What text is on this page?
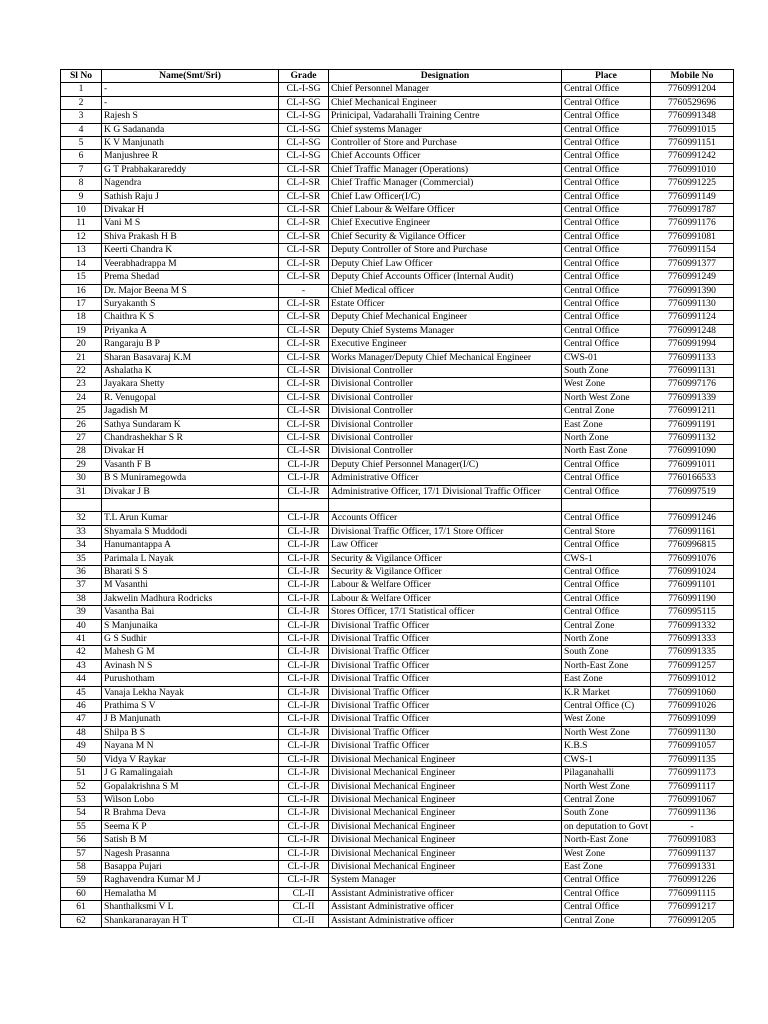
Sl No	Name(Smt/Sri)	Grade	Designation	Place	Mobile No
1	-	CL-I-SG	Chief Personnel Manager	Central Office	7760991204
2	-	CL-I-SG	Chief Mechanical Engineer	Central Office	7760529696
3	Rajesh S	CL-I-SG	Prinicipal, Vadarahalli Training Centre	Central Office	7760991348
4	K G Sadananda	CL-I-SG	Chief systems Manager	Central Office	7760991015
5	K V Manjunath	CL-I-SG	Controller of Store and Purchase	Central Office	7760991151
6	Manjushree R	CL-I-SG	Chief Accounts Officer	Central Office	7760991242
7	G T Prabhakarareddy	CL-I-SR	Chief Traffic Manager (Operations)	Central Office	7760991010
8	Nagendra	CL-I-SR	Chief Traffic Manager (Commercial)	Central Office	7760991225
9	Sathish Raju J	CL-I-SR	Chief Law Officer(I/C)	Central Office	7760991149
10	Divakar H	CL-I-SR	Chief Labour & Welfare Officer	Central Office	7760991787
11	Vani M S	CL-I-SR	Chief Executive Engineer	Central Office	7760991176
12	Shiva Prakash H B	CL-I-SR	Chief Security & Vigilance Officer	Central Office	7760991081
13	Keerti Chandra K	CL-I-SR	Deputy Controller of Store and Purchase	Central Office	7760991154
14	Veerabhadrappa M	CL-I-SR	Deputy Chief Law Officer	Central Office	7760991377
15	Prema Shedad	CL-I-SR	Deputy Chief Accounts Officer (Internal Audit)	Central Office	7760991249
16	Dr. Major Beena M S	-	Chief Medical officer	Central Office	7760991390
17	Suryakanth S	CL-I-SR	Estate Officer	Central Office	7760991130
18	Chaithra K S	CL-I-SR	Deputy Chief Mechanical Engineer	Central Office	7760991124
19	Priyanka A	CL-I-SR	Deputy Chief Systems Manager	Central Office	7760991248
20	Rangaraju B P	CL-I-SR	Executive Engineer	Central Office	7760991994
21	Sharan Basavaraj K.M	CL-I-SR	Works Manager/Deputy Chief Mechanical Engineer	CWS-01	7760991133
22	Ashalatha K	CL-I-SR	Divisional Controller	South Zone	7760991131
23	Jayakara Shetty	CL-I-SR	Divisional Controller	West Zone	7760997176
24	R. Venugopal	CL-I-SR	Divisional Controller	North West Zone	7760991339
25	Jagadish M	CL-I-SR	Divisional Controller	Central Zone	7760991211
26	Sathya Sundaram K	CL-I-SR	Divisional Controller	East Zone	7760991191
27	Chandrashekhar S R	CL-I-SR	Divisional Controller	North Zone	7760991132
28	Divakar H	CL-I-SR	Divisional Controller	North East Zone	7760991090
29	Vasanth F B	CL-I-JR	Deputy Chief Personnel Manager(I/C)	Central Office	7760991011
30	B S Muniramegowda	CL-I-JR	Administrative Officer	Central Office	7760166533
31	Divakar J B	CL-I-JR	Administrative Officer, 17/1 Divisional Traffic Officer	Central Office	7760997519

32	T.L Arun Kumar	CL-I-JR	Accounts Officer	Central Office	7760991246
33	Shyamala S Muddodi	CL-I-JR	Divisional Traffic Officer, 17/1 Store Officer	Central Store	7760991161
34	Hanumantappa A	CL-I-JR	Law Officer	Central Office	7760996815
35	Parimala L Nayak	CL-I-JR	Security & Vigilance Officer	CWS-1	7760991076
36	Bharati S S	CL-I-JR	Security & Vigilance Officer	Central Office	7760991024
37	M Vasanthi	CL-I-JR	Labour & Welfare Officer	Central Office	7760991101
38	Jakwelin Madhura Rodricks	CL-I-JR	Labour & Welfare Officer	Central Office	7760991190
39	Vasantha Bai	CL-I-JR	Stores Officer, 17/1 Statistical officer	Central Office	7760995115
40	S Manjunaika	CL-I-JR	Divisional Traffic Officer	Central Zone	7760991332
41	G S Sudhir	CL-I-JR	Divisional Traffic Officer	North Zone	7760991333
42	Mahesh G M	CL-I-JR	Divisional Traffic Officer	South Zone	7760991335
43	Avinash N S	CL-I-JR	Divisional Traffic Officer	North-East Zone	7760991257
44	Purushotham	CL-I-JR	Divisional Traffic Officer	East Zone	7760991012
45	Vanaja Lekha Nayak	CL-I-JR	Divisional Traffic Officer	K.R Market	7760991060
46	Prathima S V	CL-I-JR	Divisional Traffic Officer	Central Office (C)	7760991026
47	J B Manjunath	CL-I-JR	Divisional Traffic Officer	West Zone	7760991099
48	Shilpa B S	CL-I-JR	Divisional Traffic Officer	North West Zone	7760991130
49	Nayana M N	CL-I-JR	Divisional Traffic Officer	K.B.S	7760991057
50	Vidya V Raykar	CL-I-JR	Divisional Mechanical Engineer	CWS-1	7760991135
51	J G Ramalingaiah	CL-I-JR	Divisional Mechanical Engineer	Pilaganahalli	7760991173
52	Gopalakrishna S M	CL-I-JR	Divisional Mechanical Engineer	North West Zone	7760991117
53	Wilson Lobo	CL-I-JR	Divisional Mechanical Engineer	Central Zone	7760991067
54	R Brahma Deva	CL-I-JR	Divisional Mechanical Engineer	South Zone	7760991136
55	Seema K P	CL-I-JR	Divisional Mechanical Engineer	on deputation to Govt	-
56	Satish B M	CL-I-JR	Divisional Mechanical Engineer	North-East Zone	7760991083
57	Nagesh Prasanna	CL-I-JR	Divisional Mechanical Engineer	West Zone	7760991137
58	Basappa Pujari	CL-I-JR	Divisional Mechanical Engineer	East Zone	7760991331
59	Raghavendra Kumar M J	CL-I-JR	System Manager	Central Office	7760991226
60	Hemalatha M	CL-II	Assistant Administrative officer	Central Office	7760991115
61	Shanthalksmi V L	CL-II	Assistant Administrative officer	Central Office	7760991217
62	Shankaranarayan H T	CL-II	Assistant Administrative officer	Central Zone	7760991205
